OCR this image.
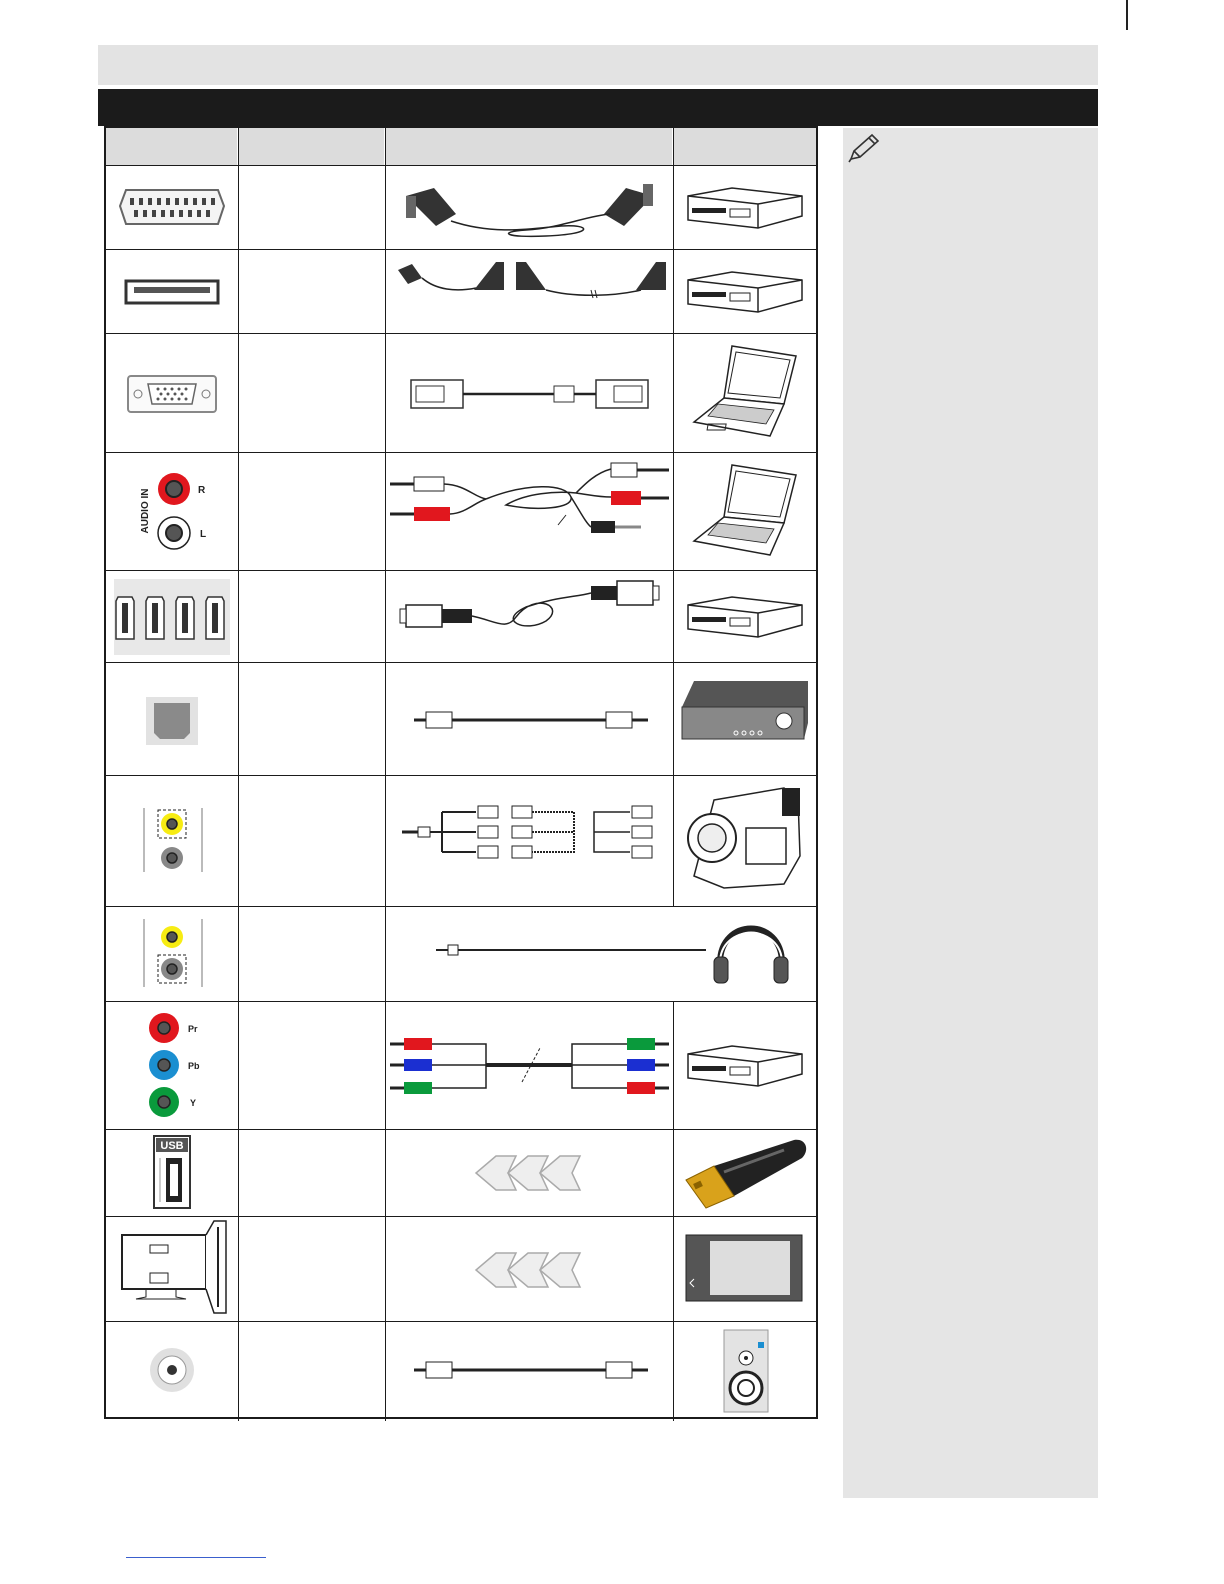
AUDIO IN	R
L
Pr
Pb
Y
USB
